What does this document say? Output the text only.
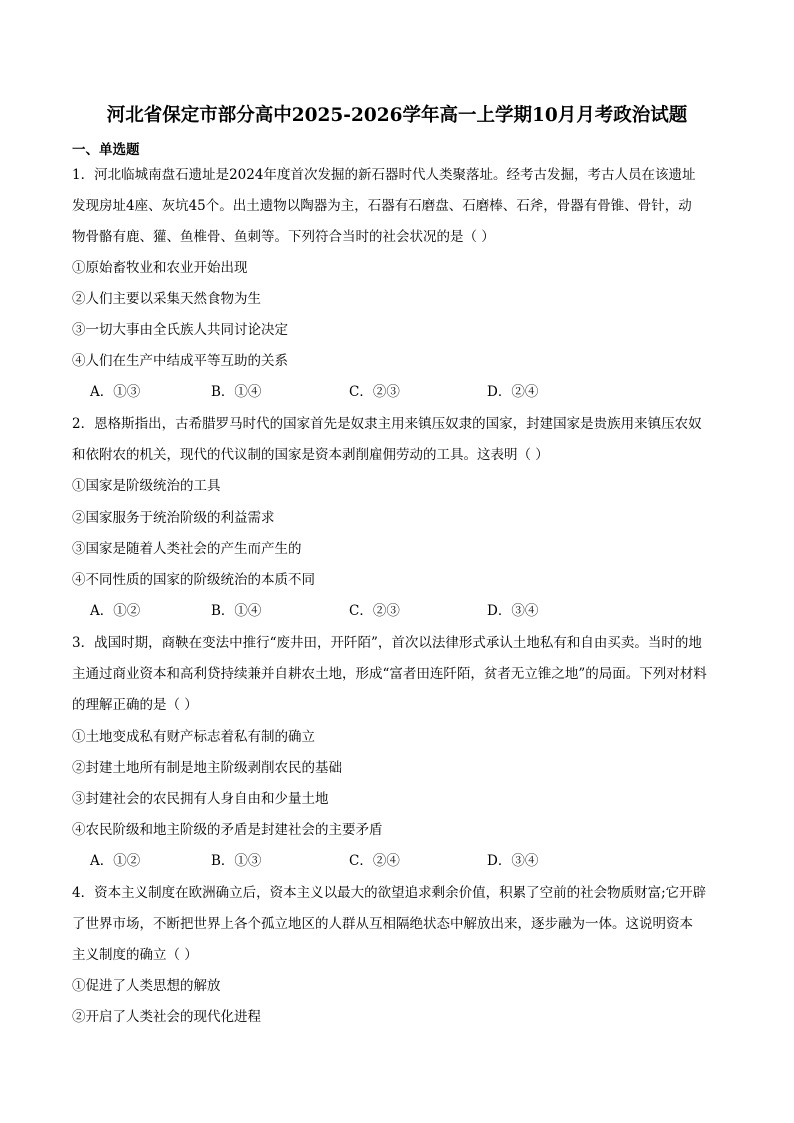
河北省保定市部分高中2025-2026学年高一上学期10月月考政治试题
一、单选题
1．河北临城南盘石遗址是2024年度首次发掘的新石器时代人类聚落址。经考古发掘，考古人员在该遗址
发现房址4座、灰坑45个。出土遗物以陶器为主，石器有石磨盘、石磨棒、石斧，骨器有骨锥、骨针，动
物骨骼有鹿、獾、鱼椎骨、鱼刺等。下列符合当时的社会状况的是（ ）
①原始畜牧业和农业开始出现
②人们主要以采集天然食物为生
③一切大事由全氏族人共同讨论决定
④人们在生产中结成平等互助的关系
A．①③	B．①④	C．②③	D．②④
2．恩格斯指出，古希腊罗马时代的国家首先是奴隶主用来镇压奴隶的国家，封建国家是贵族用来镇压农奴
和依附农的机关，现代的代议制的国家是资本剥削雇佣劳动的工具。这表明（ ）
①国家是阶级统治的工具
②国家服务于统治阶级的利益需求
③国家是随着人类社会的产生而产生的
④不同性质的国家的阶级统治的本质不同
A．①②	B．①④	C．②③	D．③④
3．战国时期，商鞅在变法中推行“废井田，开阡陌”，首次以法律形式承认土地私有和自由买卖。当时的地
主通过商业资本和高利贷持续兼并自耕农土地，形成“富者田连阡陌，贫者无立锥之地”的局面。下列对材料
的理解正确的是（ ）
①土地变成私有财产标志着私有制的确立
②封建土地所有制是地主阶级剥削农民的基础
③封建社会的农民拥有人身自由和少量土地
④农民阶级和地主阶级的矛盾是封建社会的主要矛盾
A．①②	B．①③	C．②④	D．③④
4．资本主义制度在欧洲确立后，资本主义以最大的欲望追求剩余价值，积累了空前的社会物质财富;它开辟
了世界市场，不断把世界上各个孤立地区的人群从互相隔绝状态中解放出来，逐步融为一体。这说明资本
主义制度的确立（ ）
①促进了人类思想的解放
②开启了人类社会的现代化进程
